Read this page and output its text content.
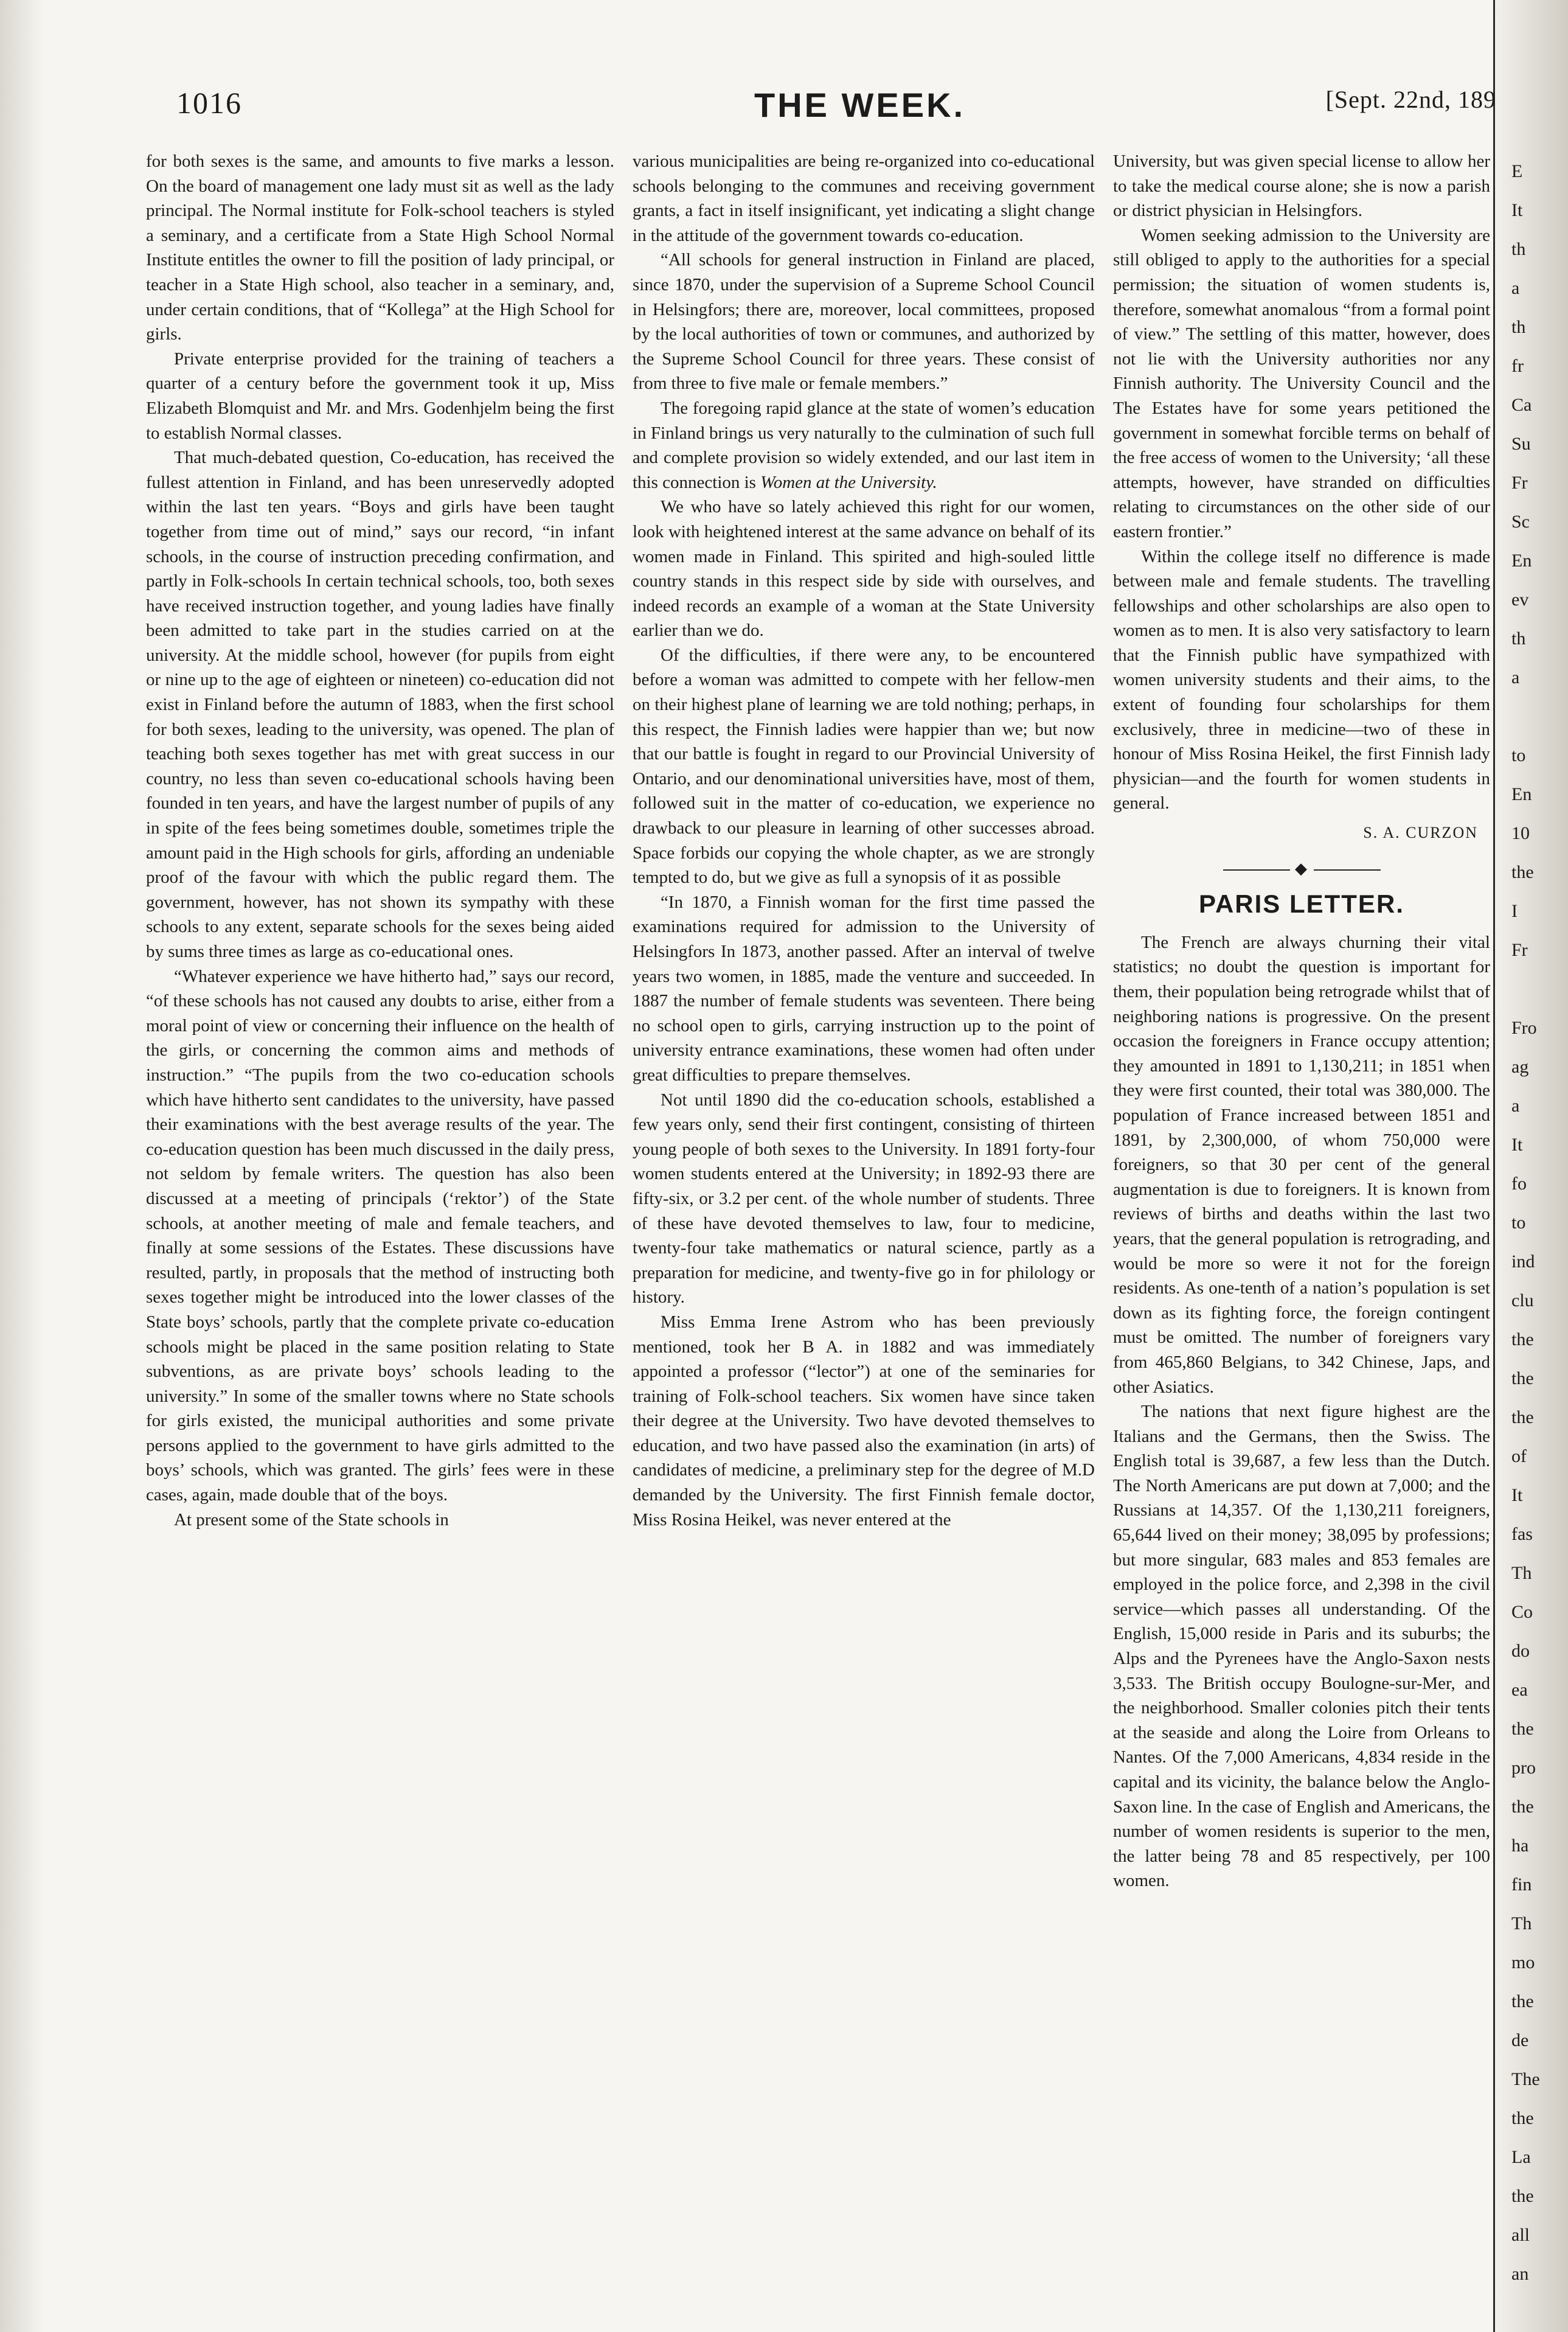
1016	THE WEEK.	[Sept. 22nd, 189

for both sexes is the same, and amounts to five marks a lesson. On the board of management one lady must sit as well as the lady principal. The Normal institute for Folk-school teachers is styled a seminary, and a certificate from a State High School Normal Institute entitles the owner to fill the position of lady principal, or teacher in a State High school, also teacher in a seminary, and, under certain conditions, that of “Kollega” at the High School for girls.

Private enterprise provided for the training of teachers a quarter of a century before the government took it up, Miss Elizabeth Blomquist and Mr. and Mrs. Godenhjelm being the first to establish Normal classes.

That much-debated question, Co-education, has received the fullest attention in Finland, and has been unreservedly adopted within the last ten years. “Boys and girls have been taught together from time out of mind,” says our record, “in infant schools, in the course of instruction preceding confirmation, and partly in Folk-schools In certain technical schools, too, both sexes have received instruction together, and young ladies have finally been admitted to take part in the studies carried on at the university. At the middle school, however (for pupils from eight or nine up to the age of eighteen or nineteen) co-education did not exist in Finland before the autumn of 1883, when the first school for both sexes, leading to the university, was opened. The plan of teaching both sexes together has met with great success in our country, no less than seven co-educational schools having been founded in ten years, and have the largest number of pupils of any in spite of the fees being sometimes double, sometimes triple the amount paid in the High schools for girls, affording an undeniable proof of the favour with which the public regard them. The government, however, has not shown its sympathy with these schools to any extent, separate schools for the sexes being aided by sums three times as large as co-educational ones.

“Whatever experience we have hitherto had,” says our record, “of these schools has not caused any doubts to arise, either from a moral point of view or concerning their influence on the health of the girls, or concerning the common aims and methods of instruction.” “The pupils from the two co-education schools which have hitherto sent candidates to the university, have passed their examinations with the best average results of the year. The co-education question has been much discussed in the daily press, not seldom by female writers. The question has also been discussed at a meeting of principals (‘rektor’) of the State schools, at another meeting of male and female teachers, and finally at some sessions of the Estates. These discussions have resulted, partly, in proposals that the method of instructing both sexes together might be introduced into the lower classes of the State boys’ schools, partly that the complete private co-education schools might be placed in the same position relating to State subventions, as are private boys’ schools leading to the university.” In some of the smaller towns where no State schools for girls existed, the municipal authorities and some private persons applied to the government to have girls admitted to the boys’ schools, which was granted. The girls’ fees were in these cases, again, made double that of the boys.

At present some of the State schools in

various municipalities are being re-organized into co-educational schools belonging to the communes and receiving government grants, a fact in itself insignificant, yet indicating a slight change in the attitude of the government towards co-education.

“All schools for general instruction in Finland are placed, since 1870, under the supervision of a Supreme School Council in Helsingfors; there are, moreover, local committees, proposed by the local authorities of town or communes, and authorized by the Supreme School Council for three years. These consist of from three to five male or female members.”

The foregoing rapid glance at the state of women’s education in Finland brings us very naturally to the culmination of such full and complete provision so widely extended, and our last item in this connection is Women at the University.

We who have so lately achieved this right for our women, look with heightened interest at the same advance on behalf of its women made in Finland. This spirited and high-souled little country stands in this respect side by side with ourselves, and indeed records an example of a woman at the State University earlier than we do.

Of the difficulties, if there were any, to be encountered before a woman was admitted to compete with her fellow-men on their highest plane of learning we are told nothing; perhaps, in this respect, the Finnish ladies were happier than we; but now that our battle is fought in regard to our Provincial University of Ontario, and our denominational universities have, most of them, followed suit in the matter of co-education, we experience no drawback to our pleasure in learning of other successes abroad. Space forbids our copying the whole chapter, as we are strongly tempted to do, but we give as full a synopsis of it as possible

“In 1870, a Finnish woman for the first time passed the examinations required for admission to the University of Helsingfors In 1873, another passed. After an interval of twelve years two women, in 1885, made the venture and succeeded. In 1887 the number of female students was seventeen. There being no school open to girls, carrying instruction up to the point of university entrance examinations, these women had often under great difficulties to prepare themselves.

Not until 1890 did the co-education schools, established a few years only, send their first contingent, consisting of thirteen young people of both sexes to the University. In 1891 forty-four women students entered at the University; in 1892-93 there are fifty-six, or 3.2 per cent. of the whole number of students. Three of these have devoted themselves to law, four to medicine, twenty-four take mathematics or natural science, partly as a preparation for medicine, and twenty-five go in for philology or history.

Miss Emma Irene Astrom who has been previously mentioned, took her B A. in 1882 and was immediately appointed a professor (“lector”) at one of the seminaries for training of Folk-school teachers. Six women have since taken their degree at the University. Two have devoted themselves to education, and two have passed also the examination (in arts) of candidates of medicine, a preliminary step for the degree of M.D demanded by the University. The first Finnish female doctor, Miss Rosina Heikel, was never entered at the

University, but was given special license to allow her to take the medical course alone; she is now a parish or district physician in Helsingfors.

Women seeking admission to the University are still obliged to apply to the authorities for a special permission; the situation of women students is, therefore, somewhat anomalous “from a formal point of view.” The settling of this matter, however, does not lie with the University authorities nor any Finnish authority. The University Council and the The Estates have for some years petitioned the government in somewhat forcible terms on behalf of the free access of women to the University; ‘all these attempts, however, have stranded on difficulties relating to circumstances on the other side of our eastern frontier.”

Within the college itself no difference is made between male and female students. The travelling fellowships and other scholarships are also open to women as to men. It is also very satisfactory to learn that the Finnish public have sympathized with women university students and their aims, to the extent of founding four scholarships for them exclusively, three in medicine—two of these in honour of Miss Rosina Heikel, the first Finnish lady physician—and the fourth for women students in general.

S. A. CURZON
◆
PARIS LETTER.

The French are always churning their vital statistics; no doubt the question is important for them, their population being retrograde whilst that of neighboring nations is progressive. On the present occasion the foreigners in France occupy attention; they amounted in 1891 to 1,130,211; in 1851 when they were first counted, their total was 380,000. The population of France increased between 1851 and 1891, by 2,300,000, of whom 750,000 were foreigners, so that 30 per cent of the general augmentation is due to foreigners. It is known from reviews of births and deaths within the last two years, that the general population is retrograding, and would be more so were it not for the foreign residents. As one-tenth of a nation’s population is set down as its fighting force, the foreign contingent must be omitted. The number of foreigners vary from 465,860 Belgians, to 342 Chinese, Japs, and other Asiatics.

The nations that next figure highest are the Italians and the Germans, then the Swiss. The English total is 39,687, a few less than the Dutch. The North Americans are put down at 7,000; and the Russians at 14,357. Of the 1,130,211 foreigners, 65,644 lived on their money; 38,095 by professions; but more singular, 683 males and 853 females are employed in the police force, and 2,398 in the civil service—which passes all understanding. Of the English, 15,000 reside in Paris and its suburbs; the Alps and the Pyrenees have the Anglo-Saxon nests 3,533. The British occupy Boulogne-sur-Mer, and the neighborhood. Smaller colonies pitch their tents at the seaside and along the Loire from Orleans to Nantes. Of the 7,000 Americans, 4,834 reside in the capital and its vicinity, the balance below the Anglo-Saxon line. In the case of English and Americans, the number of women residents is superior to the men, the latter being 78 and 85 respectively, per 100 women.

E
It
th
a
th
fr
Ca
Su
Fr
Sc
En
ev
th
a
to
En
10
the
I
Fr
Fro
ag
a
It
fo
to
ind
clu
the
the
the
of
It
fas
Th
Co
do
ea
the
pro
the
ha
fin
Th
mo
the
de
The
the
La
the
all
an
